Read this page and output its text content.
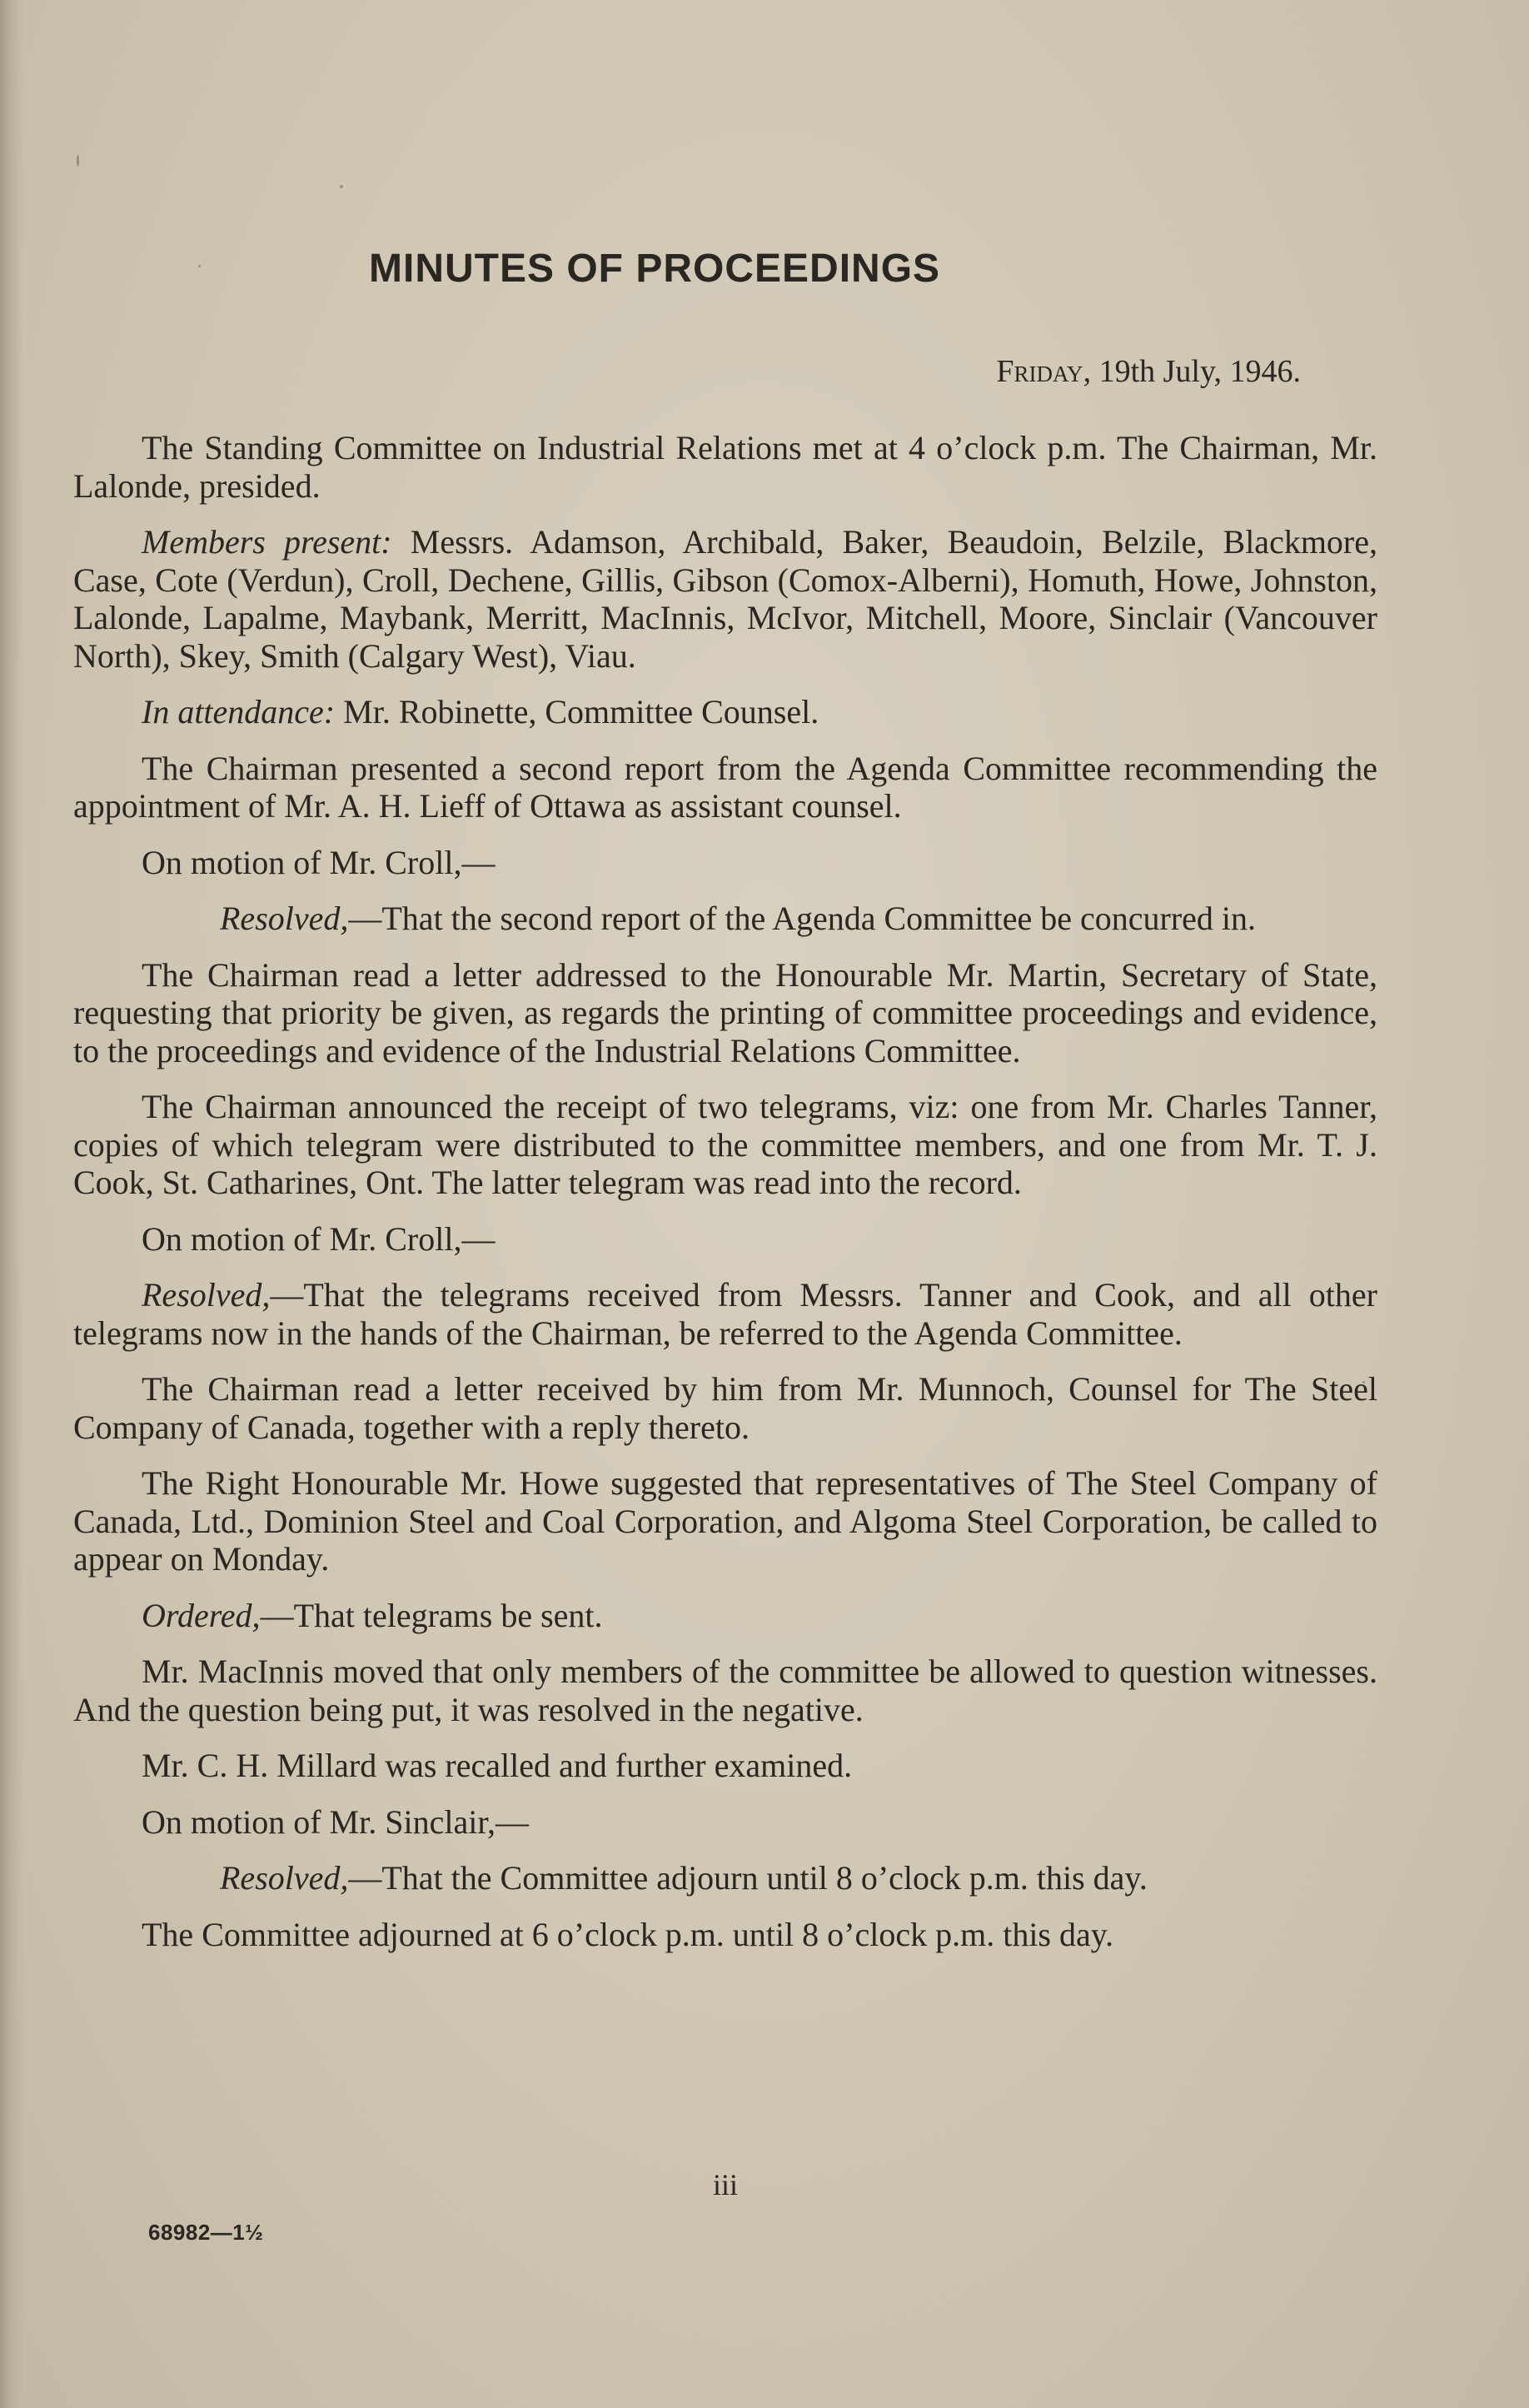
MINUTES OF PROCEEDINGS
Friday, 19th July, 1946.

The Standing Committee on Industrial Relations met at 4 o’clock p.m. The Chairman, Mr. Lalonde, presided.

Members present: Messrs. Adamson, Archibald, Baker, Beaudoin, Belzile, Blackmore, Case, Cote (Verdun), Croll, Dechene, Gillis, Gibson (Comox-Alberni), Homuth, Howe, Johnston, Lalonde, Lapalme, Maybank, Merritt, MacInnis, McIvor, Mitchell, Moore, Sinclair (Vancouver North), Skey, Smith (Calgary West), Viau.

In attendance: Mr. Robinette, Committee Counsel.

The Chairman presented a second report from the Agenda Committee recommending the appointment of Mr. A. H. Lieff of Ottawa as assistant counsel.

On motion of Mr. Croll,—

Resolved,—That the second report of the Agenda Committee be concurred in.

The Chairman read a letter addressed to the Honourable Mr. Martin, Secretary of State, requesting that priority be given, as regards the printing of committee proceedings and evidence, to the proceedings and evidence of the Industrial Relations Committee.

The Chairman announced the receipt of two telegrams, viz: one from Mr. Charles Tanner, copies of which telegram were distributed to the committee members, and one from Mr. T. J. Cook, St. Catharines, Ont. The latter telegram was read into the record.

On motion of Mr. Croll,—

Resolved,—That the telegrams received from Messrs. Tanner and Cook, and all other telegrams now in the hands of the Chairman, be referred to the Agenda Committee.

The Chairman read a letter received by him from Mr. Munnoch, Counsel for The Steel Company of Canada, together with a reply thereto.

The Right Honourable Mr. Howe suggested that representatives of The Steel Company of Canada, Ltd., Dominion Steel and Coal Corporation, and Algoma Steel Corporation, be called to appear on Monday.

Ordered,—That telegrams be sent.

Mr. MacInnis moved that only members of the committee be allowed to question witnesses. And the question being put, it was resolved in the negative.

Mr. C. H. Millard was recalled and further examined.

On motion of Mr. Sinclair,—

Resolved,—That the Committee adjourn until 8 o’clock p.m. this day.

The Committee adjourned at 6 o’clock p.m. until 8 o’clock p.m. this day.

iii
68982—1½
